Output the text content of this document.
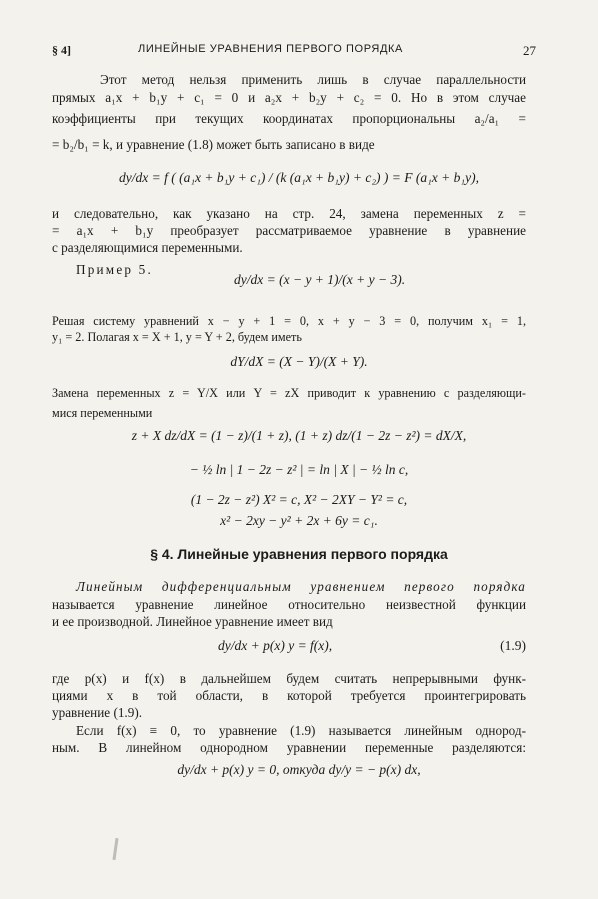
§ 4]	ЛИНЕЙНЫЕ УРАВНЕНИЯ ПЕРВОГО ПОРЯДКА	27
Этот метод нельзя применить лишь в случае параллельности
прямых a₁x + b₁y + c₁ = 0 и a₂x + b₂y + c₂ = 0. Но в этом случае
коэффициенты при текущих координатах пропорциональны a₂/a₁ =
= b₂/b₁ = k, и уравнение (1.8) может быть записано в виде
dy/dx = f ( (a₁x + b₁y + c₁) / (k (a₁x + b₁y) + c₂) ) = F (a₁x + b₁y),
и следовательно, как указано на стр. 24, замена переменных z =
= a₁x + b₁y преобразует рассматриваемое уравнение в уравнение
с разделяющимися переменными.
Пример 5.
dy/dx = (x − y + 1)/(x + y − 3).
Решая систему уравнений x − y + 1 = 0, x + y − 3 = 0, получим x₁ = 1,
y₁ = 2. Полагая x = X + 1, y = Y + 2, будем иметь
dY/dX = (X − Y)/(X + Y).
Замена переменных z = Y/X или Y = zX приводит к уравнению с разделяющи-
мися переменными
z + X dz/dX = (1 − z)/(1 + z), (1 + z) dz/(1 − 2z − z²) = dX/X,
− ½ ln | 1 − 2z − z² | = ln | X | − ½ ln c,
(1 − 2z − z²) X² = c, X² − 2XY − Y² = c,
x² − 2xy − y² + 2x + 6y = c₁.
§ 4. Линейные уравнения первого порядка
Линейным дифференциальным уравнением первого порядка
называется уравнение линейное относительно неизвестной функции
и ее производной. Линейное уравнение имеет вид
dy/dx + p(x) y = f(x),	(1.9)
где p(x) и f(x) в дальнейшем будем считать непрерывными функ-
циями x в той области, в которой требуется проинтегрировать
уравнение (1.9).
Если f(x) ≡ 0, то уравнение (1.9) называется линейным однород-
ным. В линейном однородном уравнении переменные разделяются:
dy/dx + p(x) y = 0, откуда dy/y = − p(x) dx,
